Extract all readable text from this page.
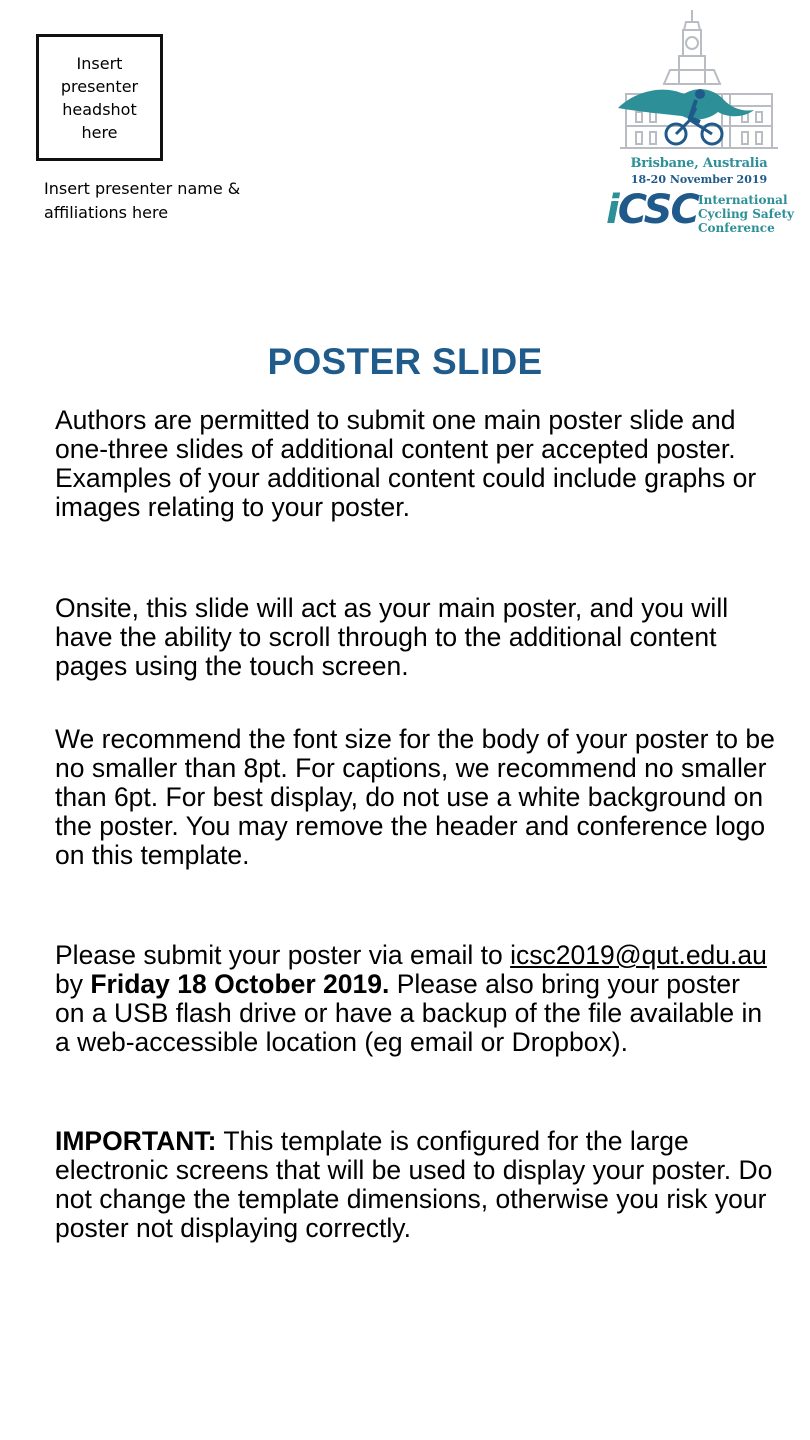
Insert presenter headshot here
Insert presenter name & affiliations here
Brisbane, Australia
18-20 November 2019
iCSC International
Cycling Safety
Conference
POSTER SLIDE
Authors are permitted to submit one main poster slide and one-three slides of additional content per accepted poster. Examples of your additional content could include graphs or images relating to your poster.
Onsite, this slide will act as your main poster, and you will have the ability to scroll through to the additional content pages using the touch screen.
We recommend the font size for the body of your poster to be no smaller than 8pt. For captions, we recommend no smaller than 6pt. For best display, do not use a white background on the poster. You may remove the header and conference logo on this template.
Please submit your poster via email to icsc2019@qut.edu.au by Friday 18 October 2019. Please also bring your poster on a USB flash drive or have a backup of the file available in a web-accessible location (eg email or Dropbox).
IMPORTANT: This template is configured for the large electronic screens that will be used to display your poster. Do not change the template dimensions, otherwise you risk your poster not displaying correctly.
